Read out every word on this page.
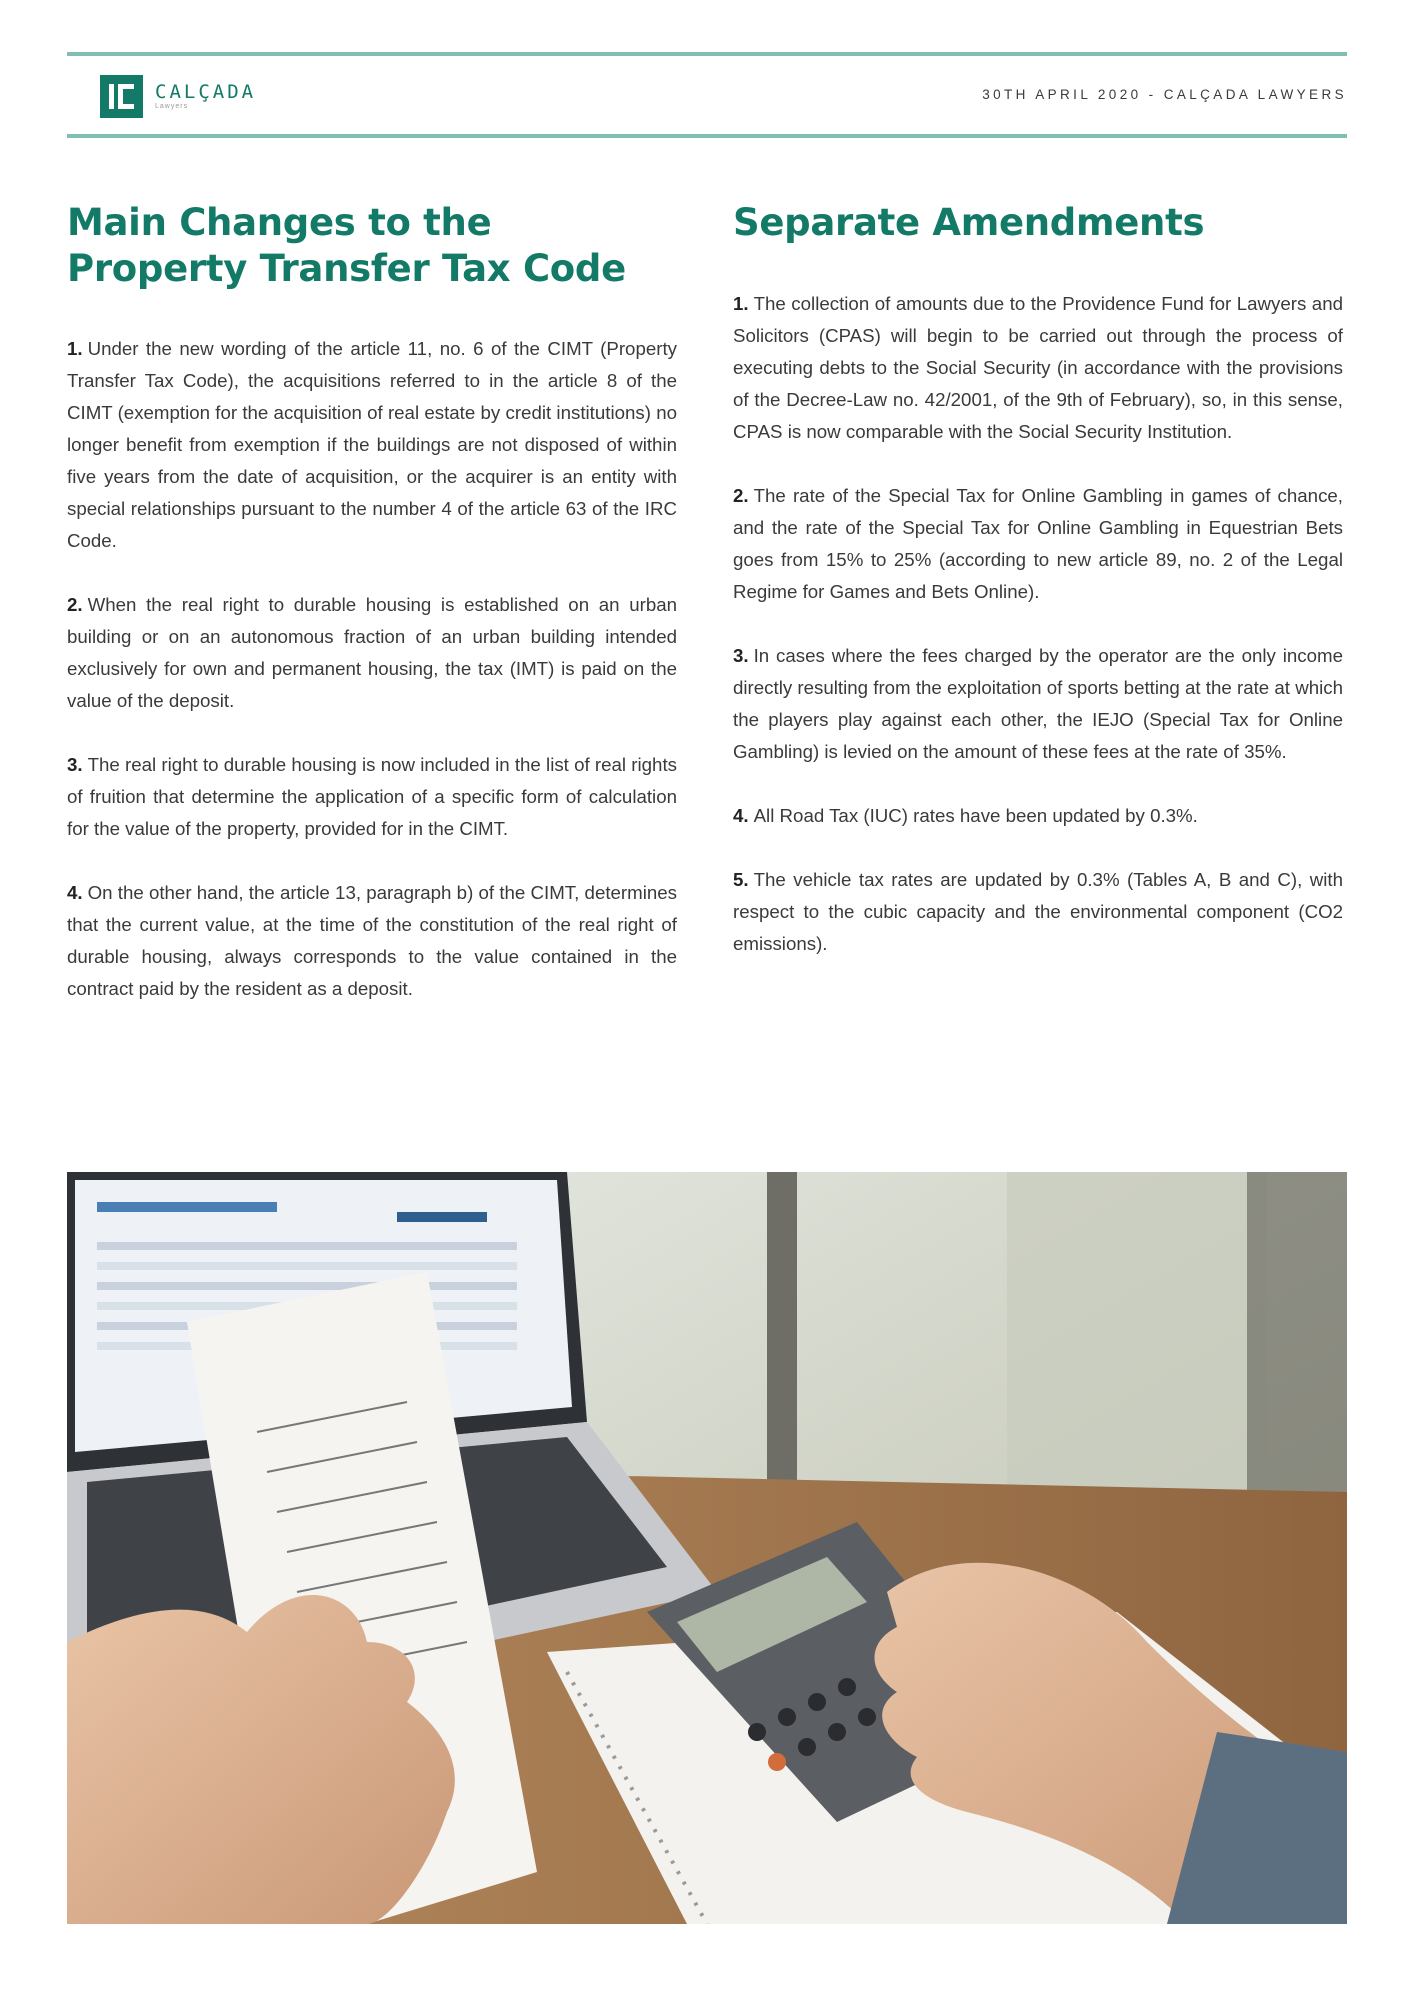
CALÇADA
Lawyers
30TH APRIL 2020 - CALÇADA LAWYERS
Main Changes to the Property Transfer Tax Code

1. Under the new wording of the article 11, no. 6 of the CIMT (Property Transfer Tax Code), the acquisitions referred to in the article 8 of the CIMT (exemption for the acquisition of real estate by credit institutions) no longer benefit from exemption if the buildings are not disposed of within five years from the date of acquisition, or the acquirer is an entity with special relationships pursuant to the number 4 of the article 63 of the IRC Code.

2. When the real right to durable housing is established on an urban building or on an autonomous fraction of an urban building intended exclusively for own and permanent housing, the tax (IMT) is paid on the value of the deposit.

3. The real right to durable housing is now included in the list of real rights of fruition that determine the application of a specific form of calculation for the value of the property, provided for in the CIMT.

4. On the other hand, the article 13, paragraph b) of the CIMT, determines that the current value, at the time of the constitution of the real right of durable housing, always corresponds to the value contained in the contract paid by the resident as a deposit.

Separate Amendments

1. The collection of amounts due to the Providence Fund for Lawyers and Solicitors (CPAS) will begin to be carried out through the process of executing debts to the Social Security (in accordance with the provisions of the Decree-Law no. 42/2001, of the 9th of February), so, in this sense, CPAS is now comparable with the Social Security Institution.

2. The rate of the Special Tax for Online Gambling in games of chance, and the rate of the Special Tax for Online Gambling in Equestrian Bets goes from 15% to 25% (according to new article 89, no. 2 of the Legal Regime for Games and Bets Online).

3. In cases where the fees charged by the operator are the only income directly resulting from the exploitation of sports betting at the rate at which the players play against each other, the IEJO (Special Tax for Online Gambling) is levied on the amount of these fees at the rate of 35%.

4. All Road Tax (IUC) rates have been updated by 0.3%.

5. The vehicle tax rates are updated by 0.3% (Tables A, B and C), with respect to the cubic capacity and the environmental component (CO2 emissions).
